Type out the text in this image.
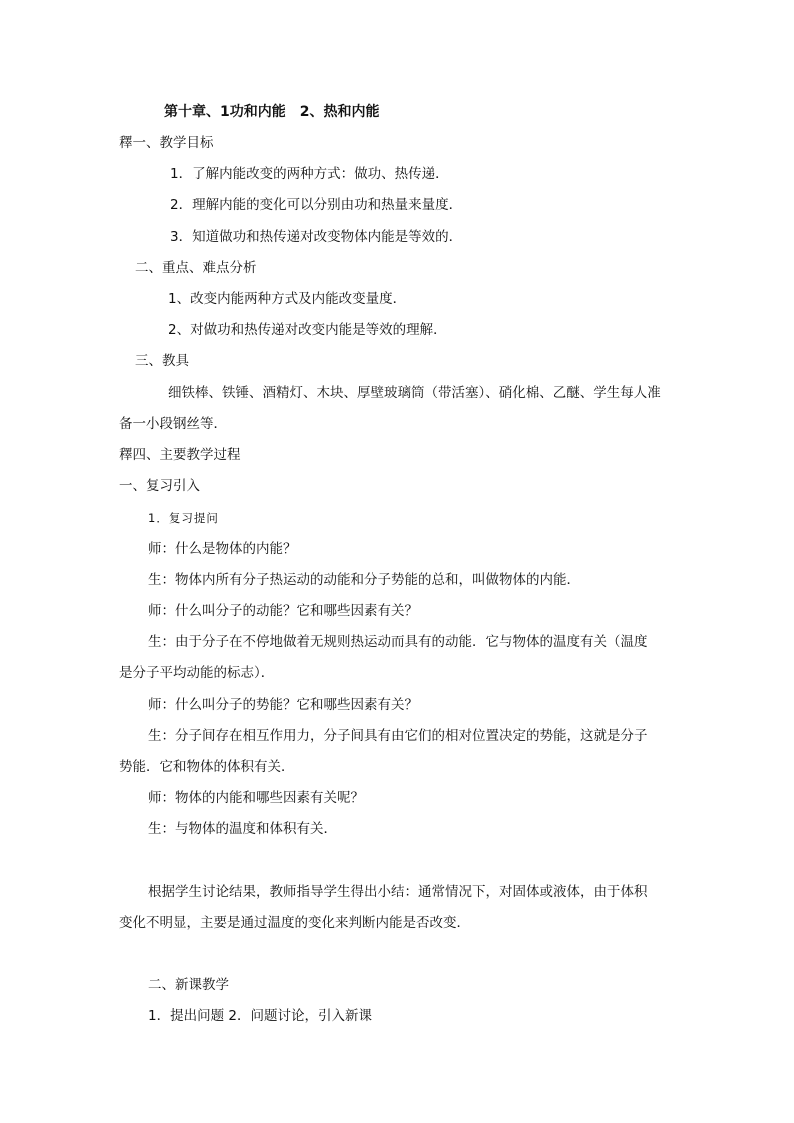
第十章、1功和内能　2、热和内能
䆁一、教学目标
1．了解内能改变的两种方式：做功、热传递．
2．理解内能的变化可以分别由功和热量来量度．
3．知道做功和热传递对改变物体内能是等效的．
二、重点、难点分析
1、改变内能两种方式及内能改变量度．
2、对做功和热传递对改变内能是等效的理解．
三、教具
细铁棒、铁锤、酒精灯、木块、厚壁玻璃筒（带活塞）、硝化棉、乙醚、学生每人准
备一小段钢丝等．
䆁四、主要教学过程
一、复习引入
1．复习提问
师：什么是物体的内能？
生：物体内所有分子热运动的动能和分子势能的总和，叫做物体的内能．
师：什么叫分子的动能？它和哪些因素有关？
生：由于分子在不停地做着无规则热运动而具有的动能．它与物体的温度有关（温度
是分子平均动能的标志）．
师：什么叫分子的势能？它和哪些因素有关？
生：分子间存在相互作用力，分子间具有由它们的相对位置决定的势能，这就是分子
势能．它和物体的体积有关．
师：物体的内能和哪些因素有关呢？
生：与物体的温度和体积有关．
根据学生讨论结果，教师指导学生得出小结：通常情况下，对固体或液体，由于体积
变化不明显，主要是通过温度的变化来判断内能是否改变．
二、新课教学
1．提出问题 2．问题讨论，引入新课
